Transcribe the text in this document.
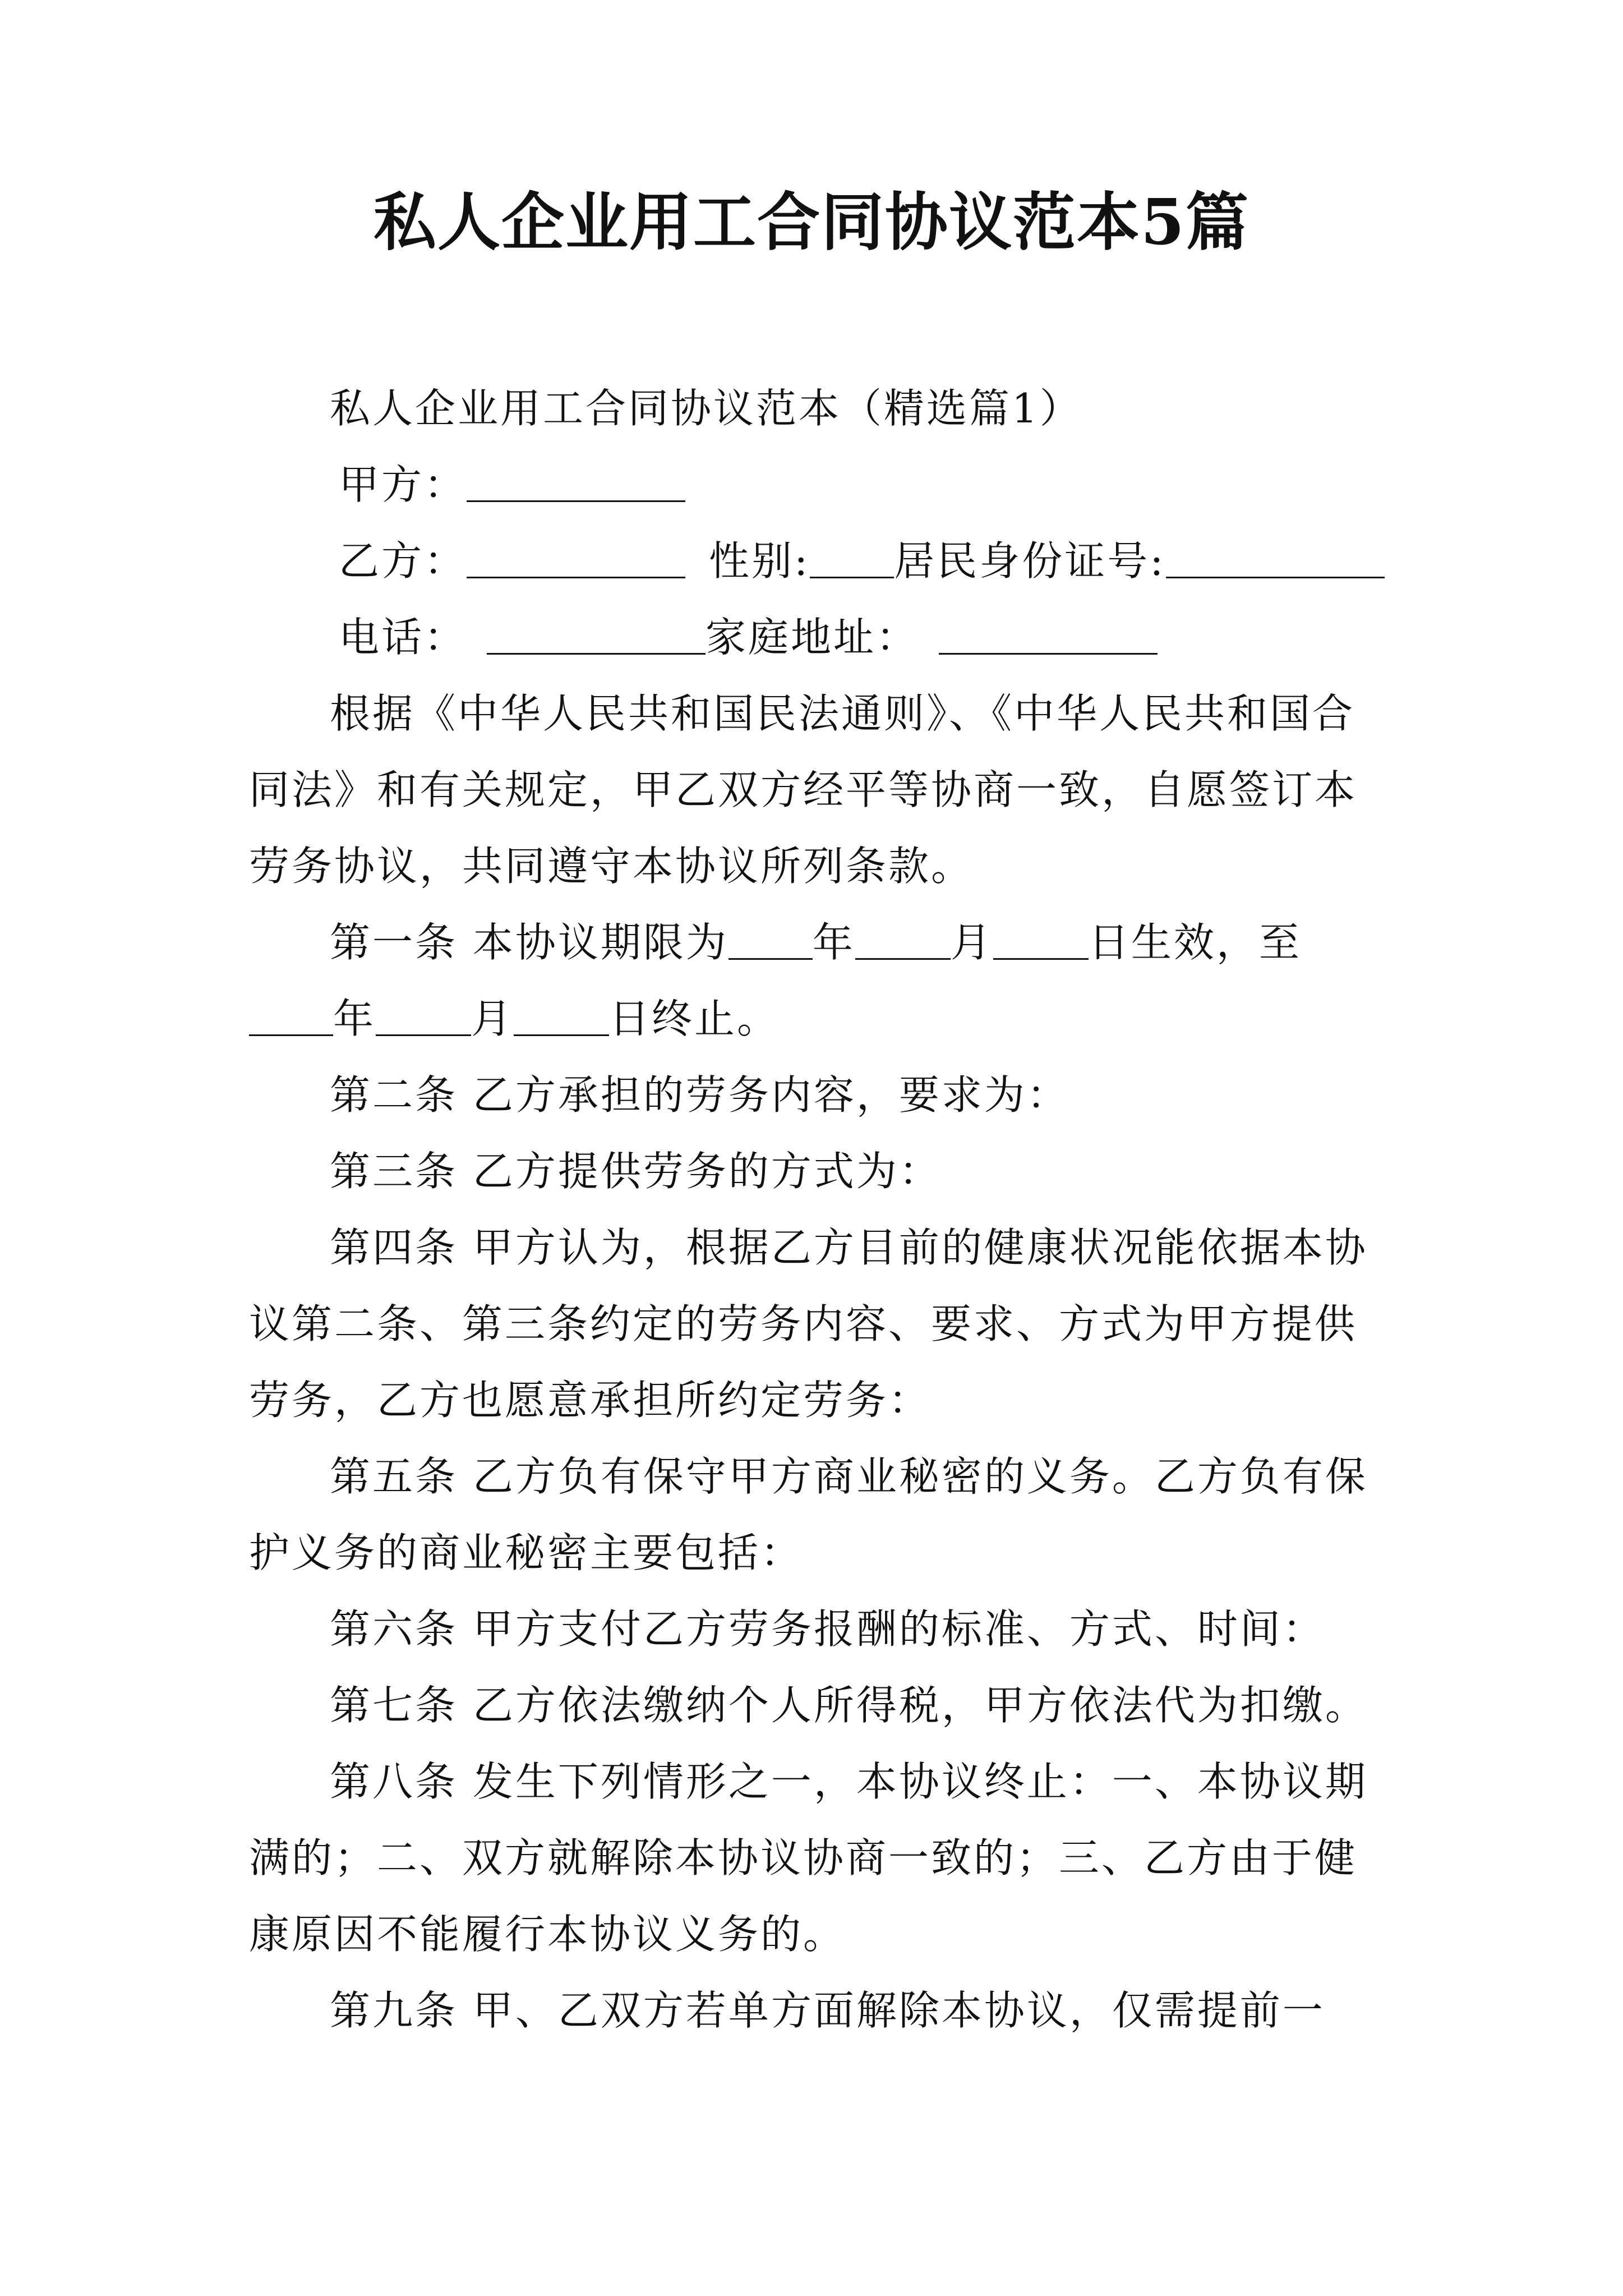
私人企业用工合同协议范本5篇

私人企业用工合同协议范本（精选篇1）

甲方：

乙方：	性别: 居民身份证号:

电话：	家庭地址：

根据《中华人民共和国民法通则》、《中华人民共和国合同法》和有关规定，甲乙双方经平等协商一致，自愿签订本劳务协议，共同遵守本协议所列条款。

第一条 本协议期限为 年 月 日生效，至 年 月 日终止。

第二条 乙方承担的劳务内容，要求为：

第三条 乙方提供劳务的方式为：

第四条 甲方认为，根据乙方目前的健康状况能依据本协议第二条、第三条约定的劳务内容、要求、方式为甲方提供劳务，乙方也愿意承担所约定劳务：

第五条 乙方负有保守甲方商业秘密的义务。乙方负有保护义务的商业秘密主要包括：

第六条 甲方支付乙方劳务报酬的标准、方式、时间：

第七条 乙方依法缴纳个人所得税，甲方依法代为扣缴。

第八条 发生下列情形之一，本协议终止：一、本协议期满的；二、双方就解除本协议协商一致的；三、乙方由于健康原因不能履行本协议义务的。

第九条 甲、乙双方若单方面解除本协议，仅需提前一
